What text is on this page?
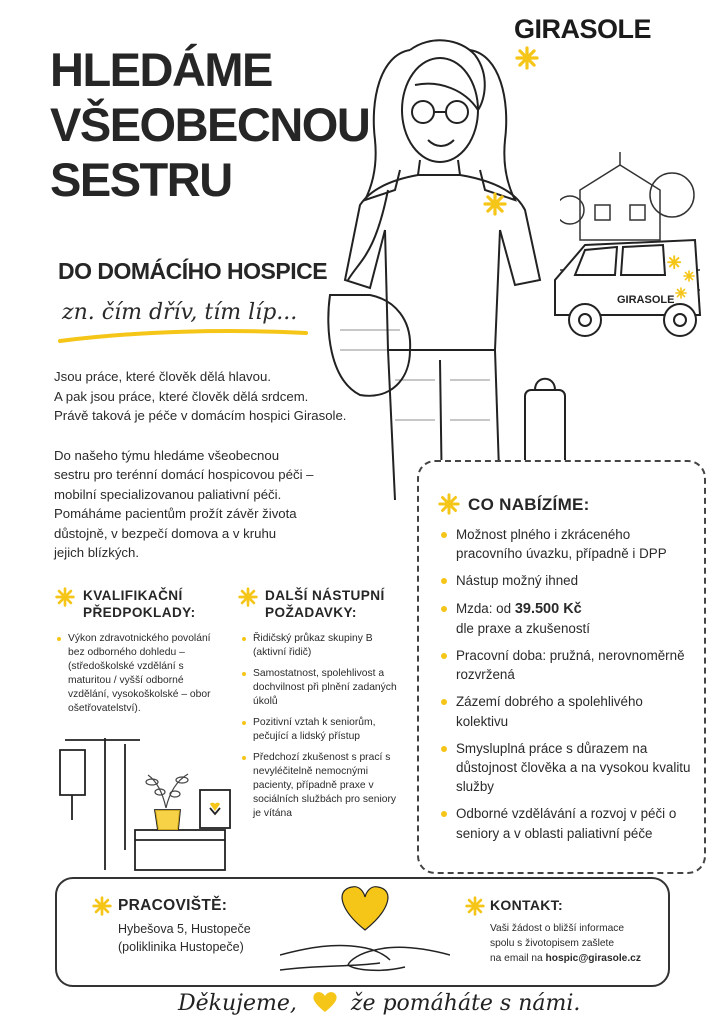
GIRASOLE
HLEDÁME
VŠEOBECNOU
SESTRU
GIRASOLE
DO DOMÁCÍHO HOSPICE
zn. čím dřív, tím líp...

Jsou práce, které člověk dělá hlavou.

A pak jsou práce, které člověk dělá srdcem.

Právě taková je péče v domácím hospici Girasole.

Do našeho týmu hledáme všeobecnou

sestru pro terénní domácí hospicovou péči –

mobilní specializovanou paliativní péči.

Pomáháme pacientům prožít závěr života

důstojně, v bezpečí domova a v kruhu

jejich blízkých.

CO NABÍZÍME:
Možnost plného i zkráceného pracovního úvazku, případně i DPP
Nástup možný ihned
Mzda: od 39.500 Kč
dle praxe a zkušeností
Pracovní doba: pružná, nerovnoměrně rozvržená
Zázemí dobrého a spolehlivého kolektivu
Smysluplná práce s důrazem na důstojnost člověka a na vysokou kvalitu služby
Odborné vzdělávání a rozvoj v péči o seniory a v oblasti paliativní péče
KVALIFIKAČNÍ
PŘEDPOKLADY:
Výkon zdravotnického povolání bez odborného dohledu – (středoškolské vzdělání s maturitou / vyšší odborné vzdělání, vysokoškolské – obor ošetřovatelství).
DALŠÍ NÁSTUPNÍ
POŽADAVKY:
Řidičský průkaz skupiny B (aktivní řidič)
Samostatnost, spolehlivost a dochvilnost při plnění zadaných úkolů
Pozitivní vztah k seniorům, pečující a lidský přístup
Předchozí zkušenost s prací s nevyléčitelně nemocnými pacienty, případně praxe v sociálních službách pro seniory je vítána
PRACOVIŠTĚ:
Hybešova 5, Hustopeče
(poliklinika Hustopeče)
KONTAKT:
Vaši žádost o bližší informace
spolu s životopisem zašlete
na email na hospic@girasole.cz
Děkujeme, že pomáháte s námi.
